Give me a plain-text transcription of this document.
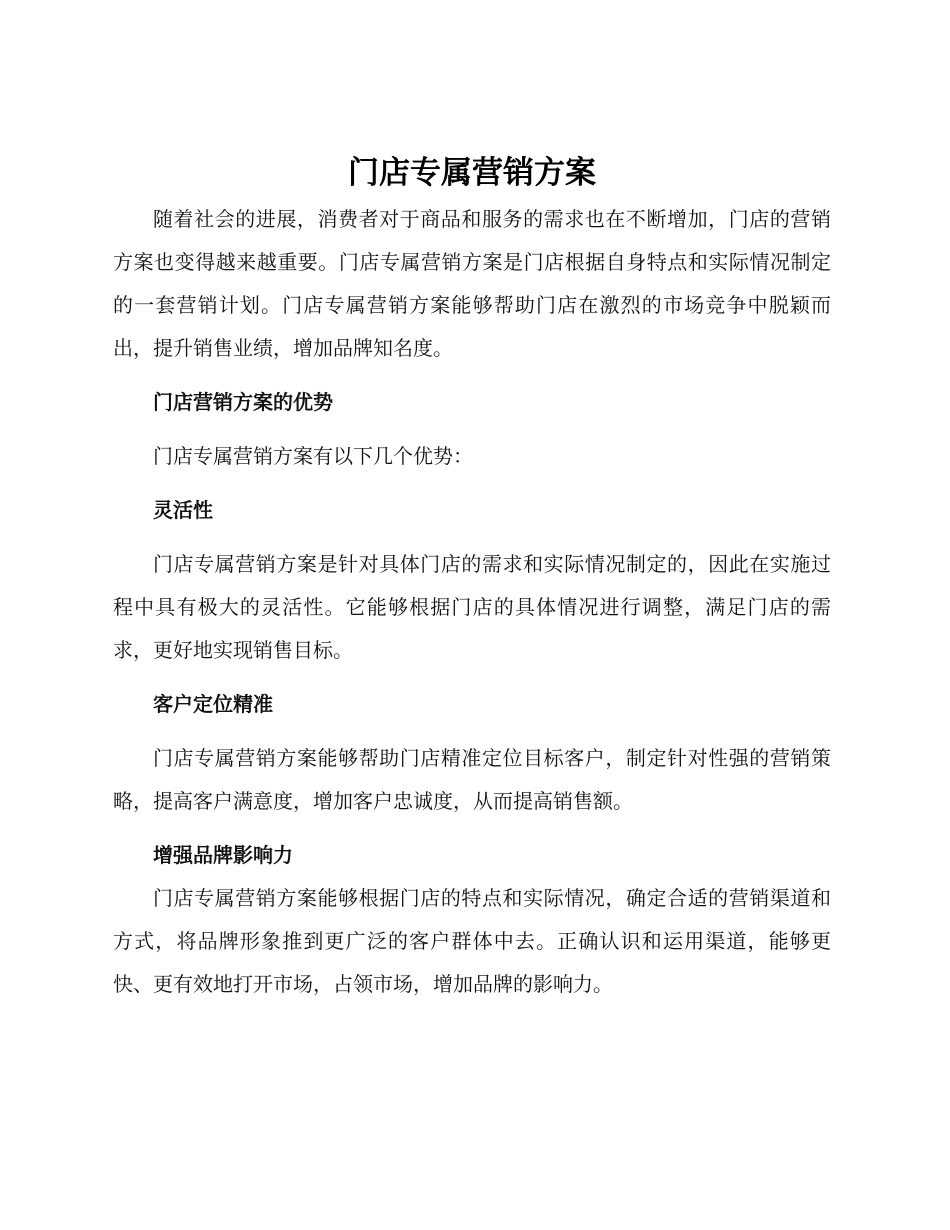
门店专属营销方案

随着社会的进展，消费者对于商品和服务的需求也在不断增加，门店的营销方案也变得越来越重要。门店专属营销方案是门店根据自身特点和实际情况制定的一套营销计划。门店专属营销方案能够帮助门店在激烈的市场竞争中脱颖而出，提升销售业绩，增加品牌知名度。

门店营销方案的优势

门店专属营销方案有以下几个优势：

灵活性

门店专属营销方案是针对具体门店的需求和实际情况制定的，因此在实施过程中具有极大的灵活性。它能够根据门店的具体情况进行调整，满足门店的需求，更好地实现销售目标。

客户定位精准

门店专属营销方案能够帮助门店精准定位目标客户，制定针对性强的营销策略，提高客户满意度，增加客户忠诚度，从而提高销售额。

增强品牌影响力

门店专属营销方案能够根据门店的特点和实际情况，确定合适的营销渠道和方式，将品牌形象推到更广泛的客户群体中去。正确认识和运用渠道，能够更快、更有效地打开市场，占领市场，增加品牌的影响力。
